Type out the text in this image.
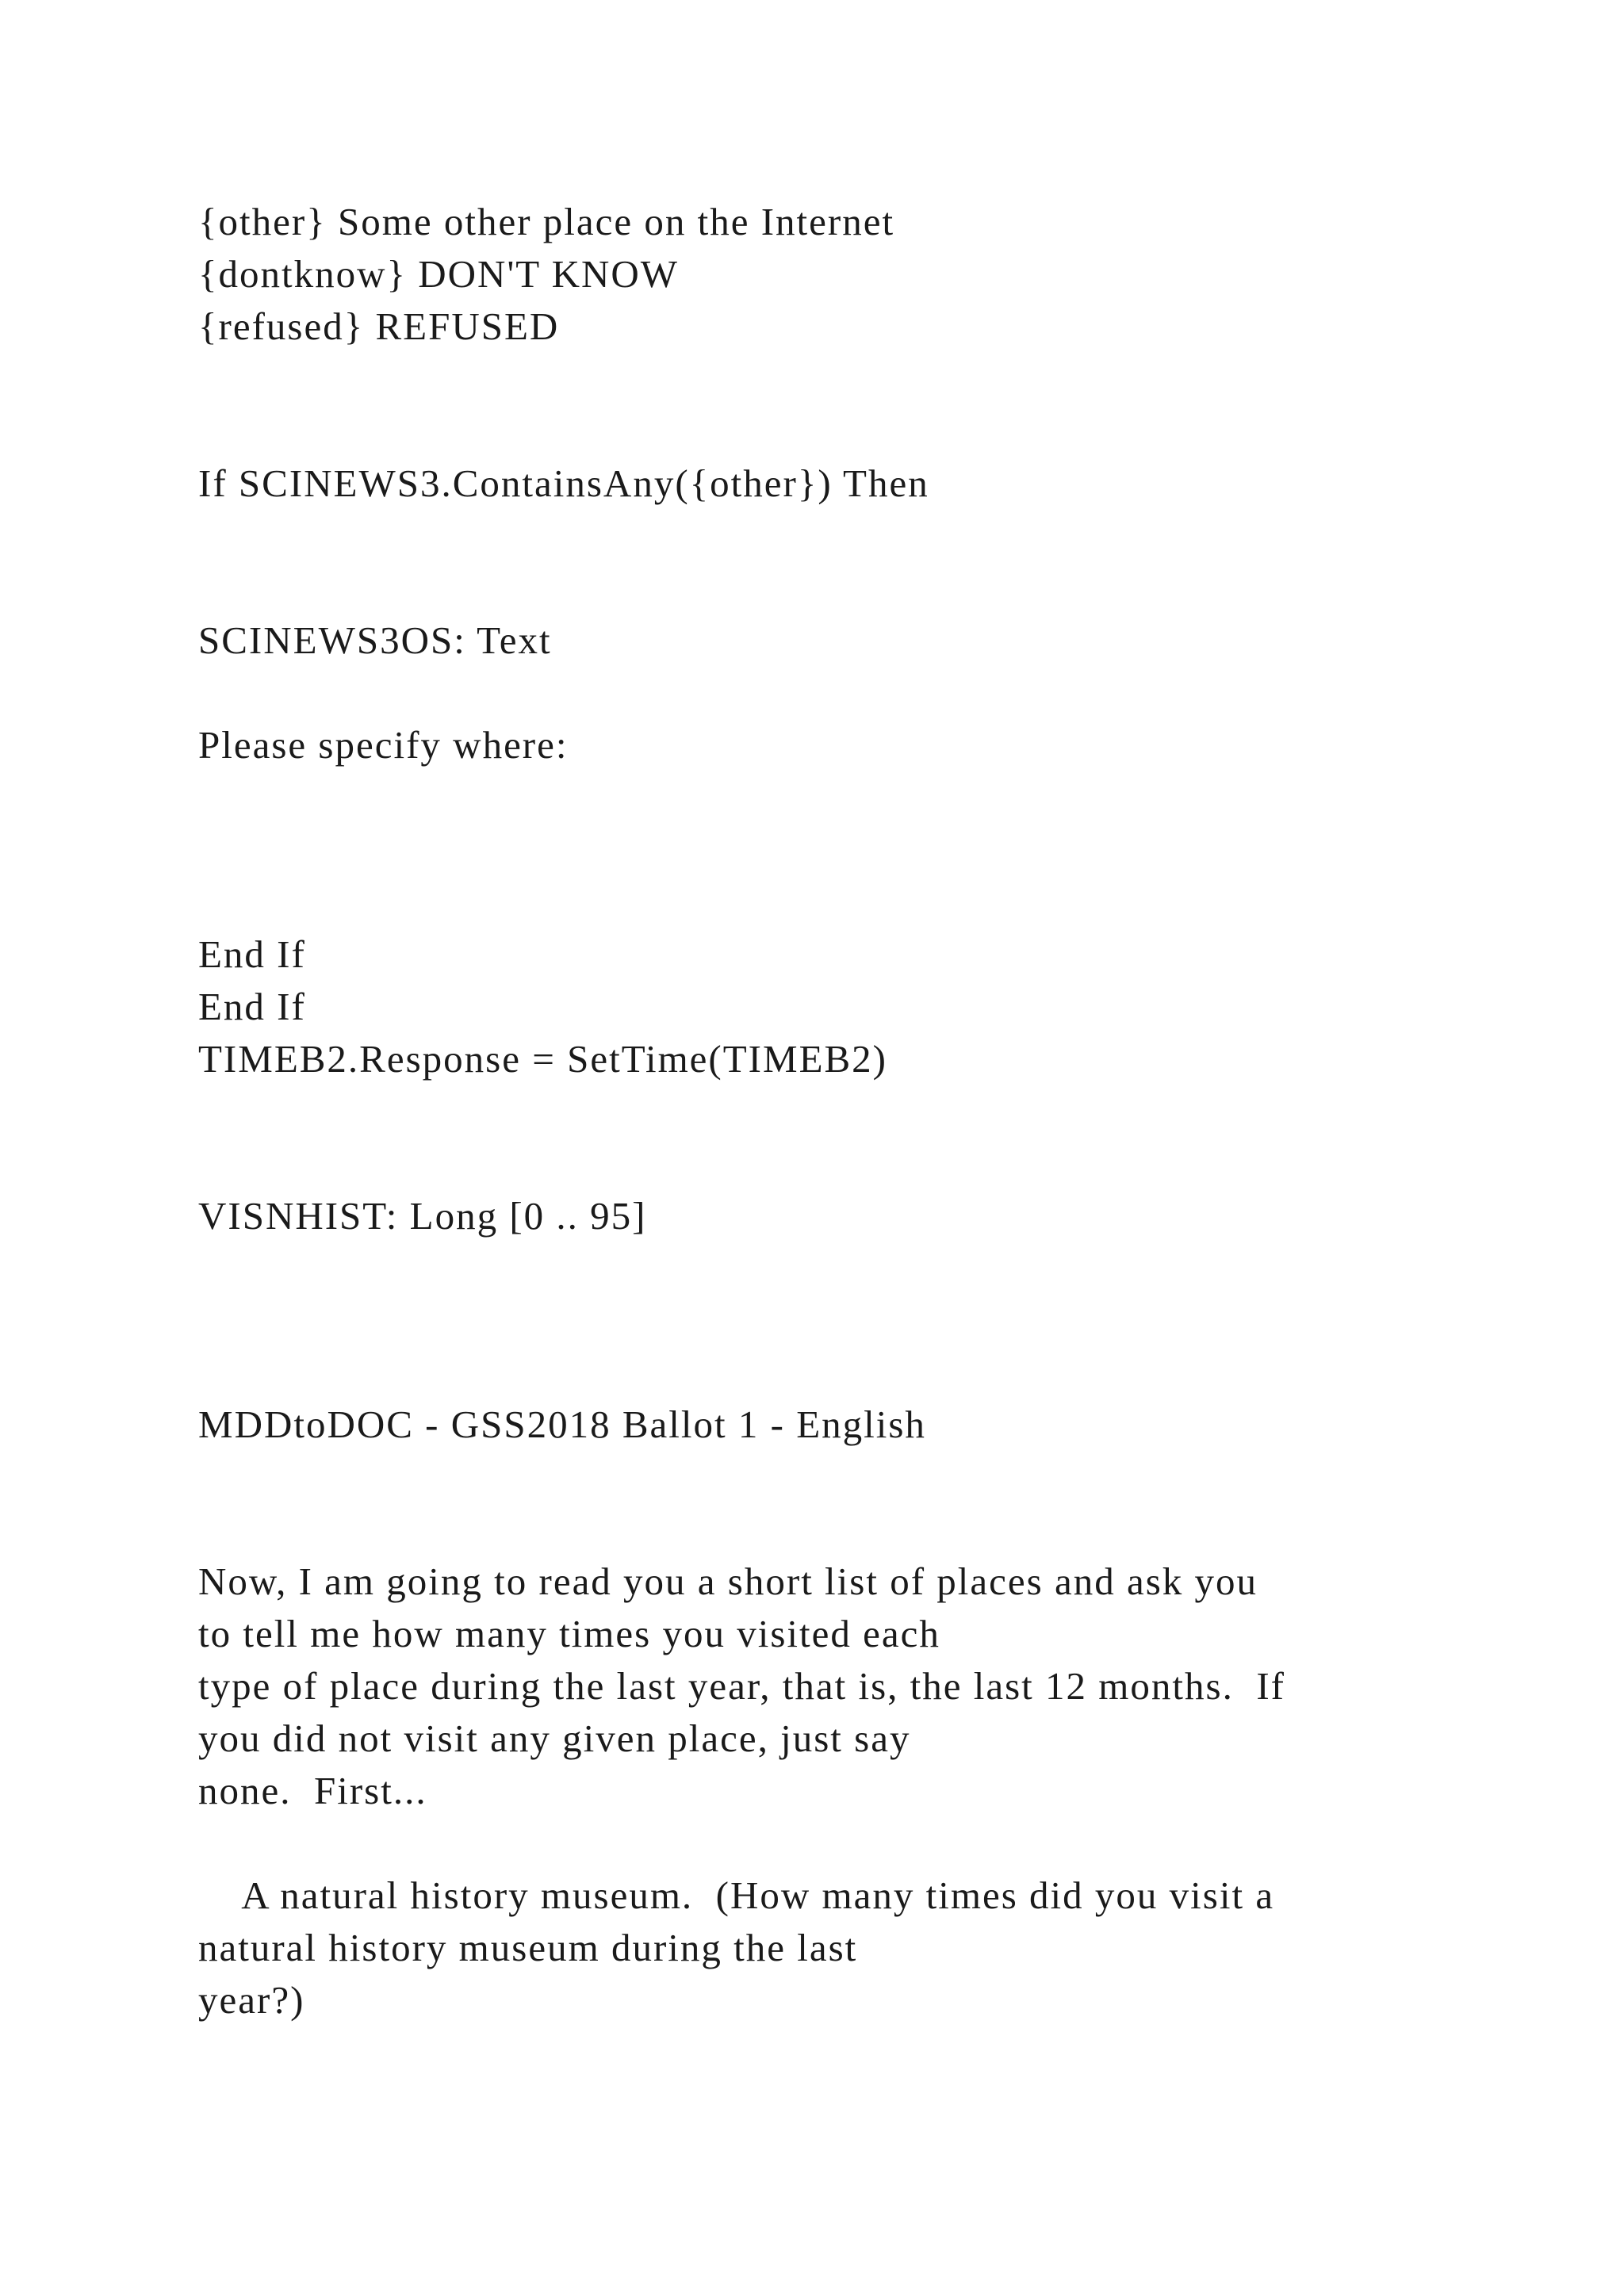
{other} Some other place on the Internet

{dontknow} DON'T KNOW

{refused} REFUSED

If SCINEWS3.ContainsAny({other}) Then

SCINEWS3OS: Text

Please specify where:

End If

End If

TIMEB2.Response = SetTime(TIMEB2)

VISNHIST: Long [0 .. 95]

MDDtoDOC - GSS2018 Ballot 1 - English

Now, I am going to read you a short list of places and ask you

to tell me how many times you visited each

type of place during the last year, that is, the last 12 months.  If

you did not visit any given place, just say

none.  First...

A natural history museum.  (How many times did you visit a

natural history museum during the last

year?)
